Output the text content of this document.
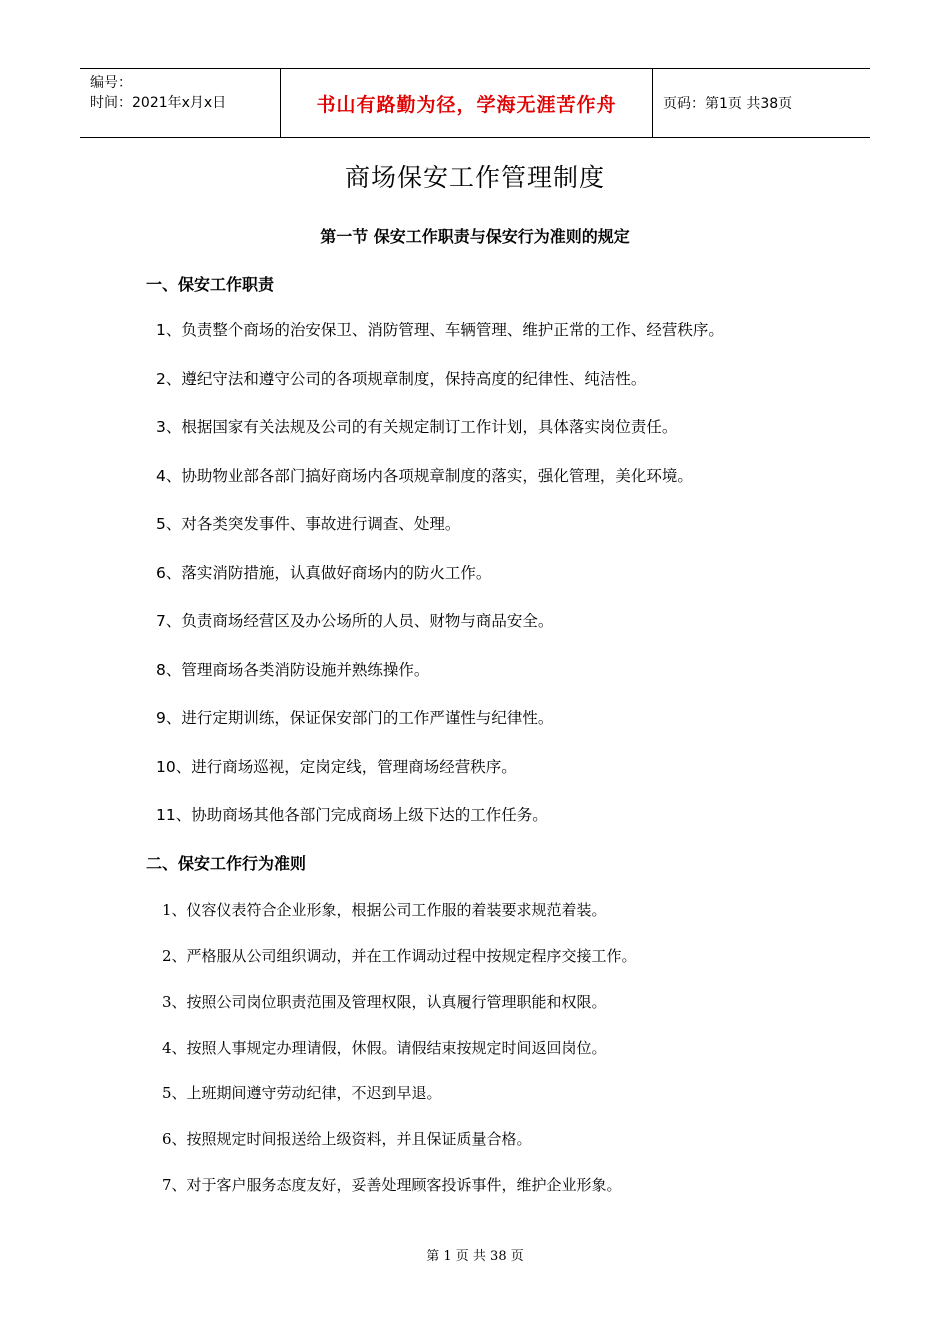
编号：
时间：2021年x月x日	书山有路勤为径，学海无涯苦作舟	页码：第1页 共38页
商场保安工作管理制度
第一节 保安工作职责与保安行为准则的规定
一、保安工作职责
1、负责整个商场的治安保卫、消防管理、车辆管理、维护正常的工作、经营秩序。
2、遵纪守法和遵守公司的各项规章制度，保持高度的纪律性、纯洁性。
3、根据国家有关法规及公司的有关规定制订工作计划，具体落实岗位责任。
4、协助物业部各部门搞好商场内各项规章制度的落实，强化管理，美化环境。
5、对各类突发事件、事故进行调查、处理。
6、落实消防措施，认真做好商场内的防火工作。
7、负责商场经营区及办公场所的人员、财物与商品安全。
8、管理商场各类消防设施并熟练操作。
9、进行定期训练，保证保安部门的工作严谨性与纪律性。
10、进行商场巡视，定岗定线，管理商场经营秩序。
11、协助商场其他各部门完成商场上级下达的工作任务。
二、保安工作行为准则
1、仪容仪表符合企业形象，根据公司工作服的着装要求规范着装。
2、严格服从公司组织调动，并在工作调动过程中按规定程序交接工作。
3、按照公司岗位职责范围及管理权限，认真履行管理职能和权限。
4、按照人事规定办理请假，休假。请假结束按规定时间返回岗位。
5、上班期间遵守劳动纪律，不迟到早退。
6、按照规定时间报送给上级资料，并且保证质量合格。
7、对于客户服务态度友好，妥善处理顾客投诉事件，维护企业形象。
第 1 页 共 38 页
